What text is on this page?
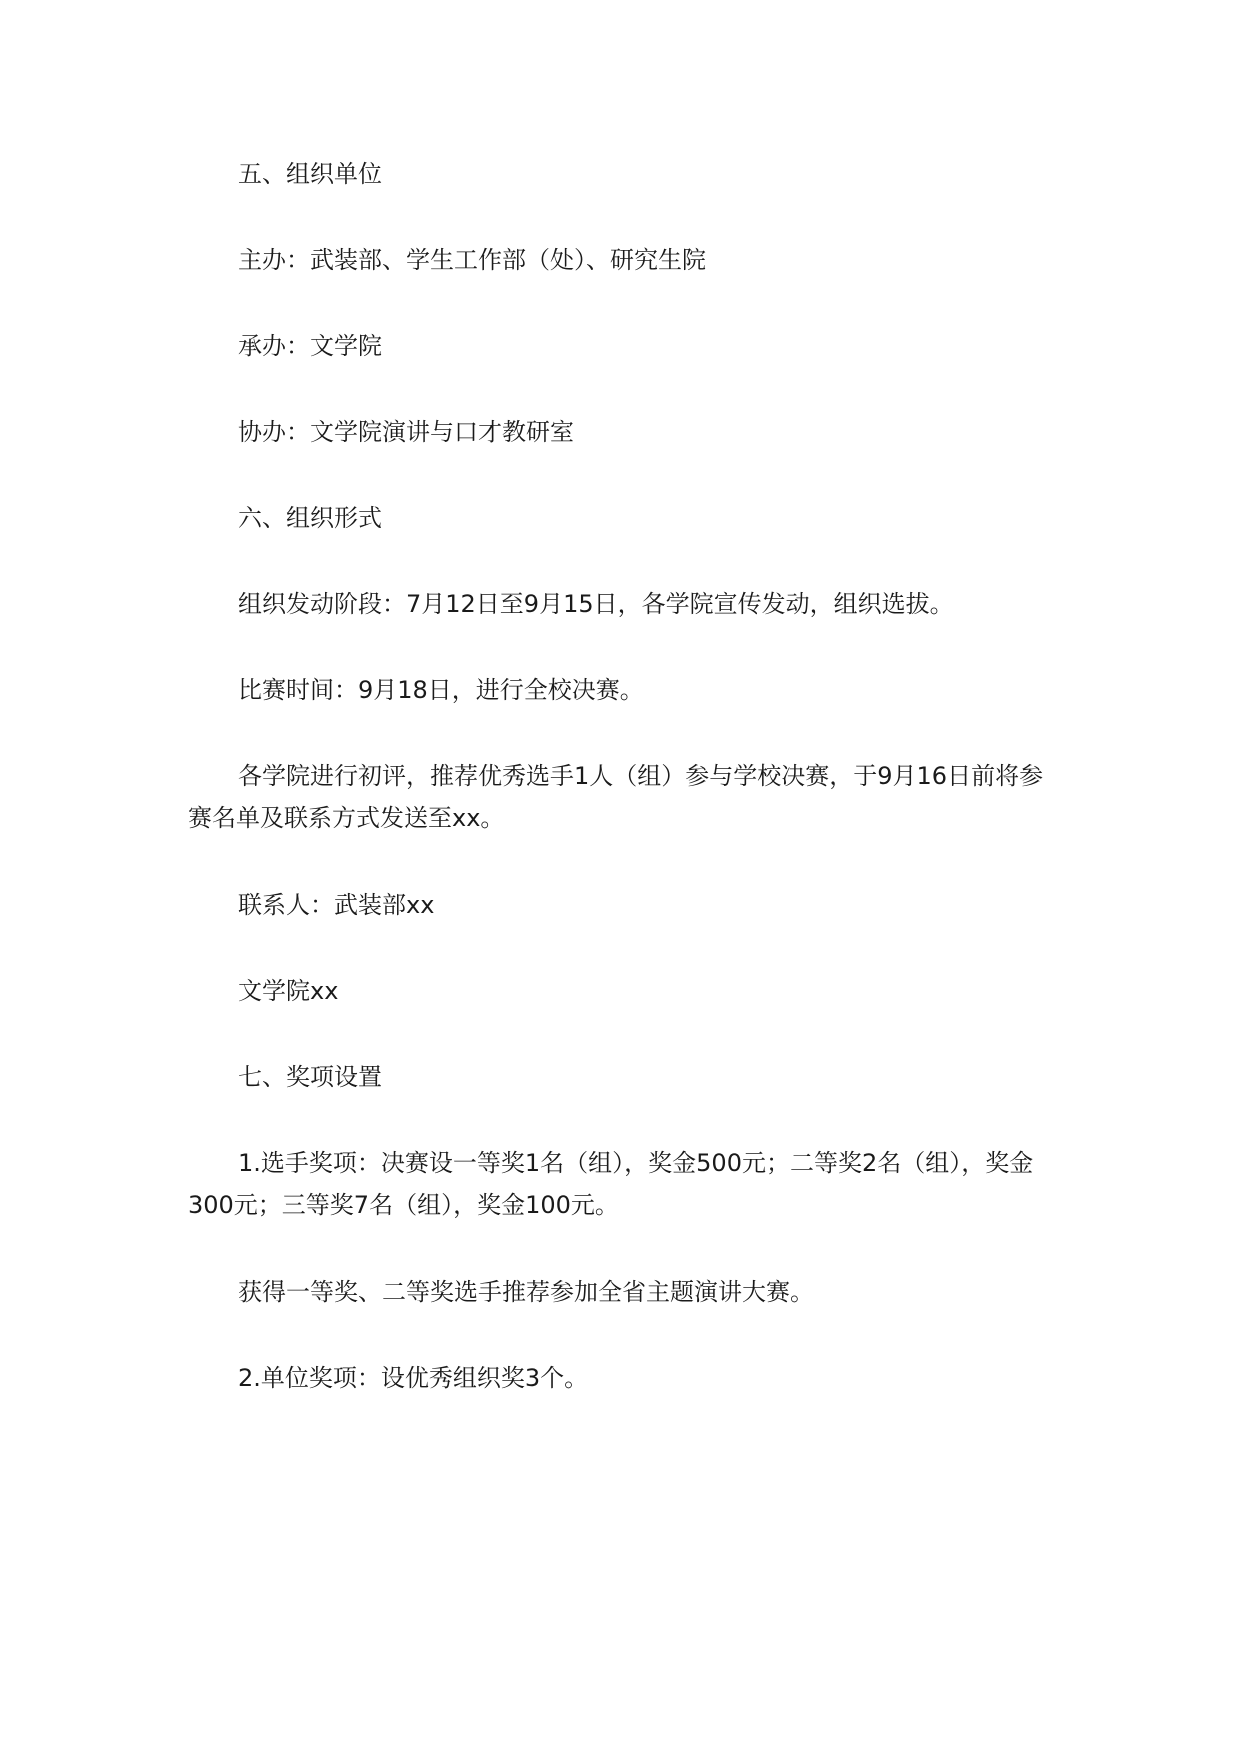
五、组织单位

主办：武装部、学生工作部（处）、研究生院

承办：文学院

协办：文学院演讲与口才教研室

六、组织形式

组织发动阶段：7月12日至9月15日，各学院宣传发动，组织选拔。

比赛时间：9月18日，进行全校决赛。

各学院进行初评，推荐优秀选手1人（组）参与学校决赛，于9月16日前将参赛名单及联系方式发送至xx。

联系人：武装部xx

文学院xx

七、奖项设置

1.选手奖项：决赛设一等奖1名（组），奖金500元；二等奖2名（组），奖金300元；三等奖7名（组），奖金100元。

获得一等奖、二等奖选手推荐参加全省主题演讲大赛。

2.单位奖项：设优秀组织奖3个。
